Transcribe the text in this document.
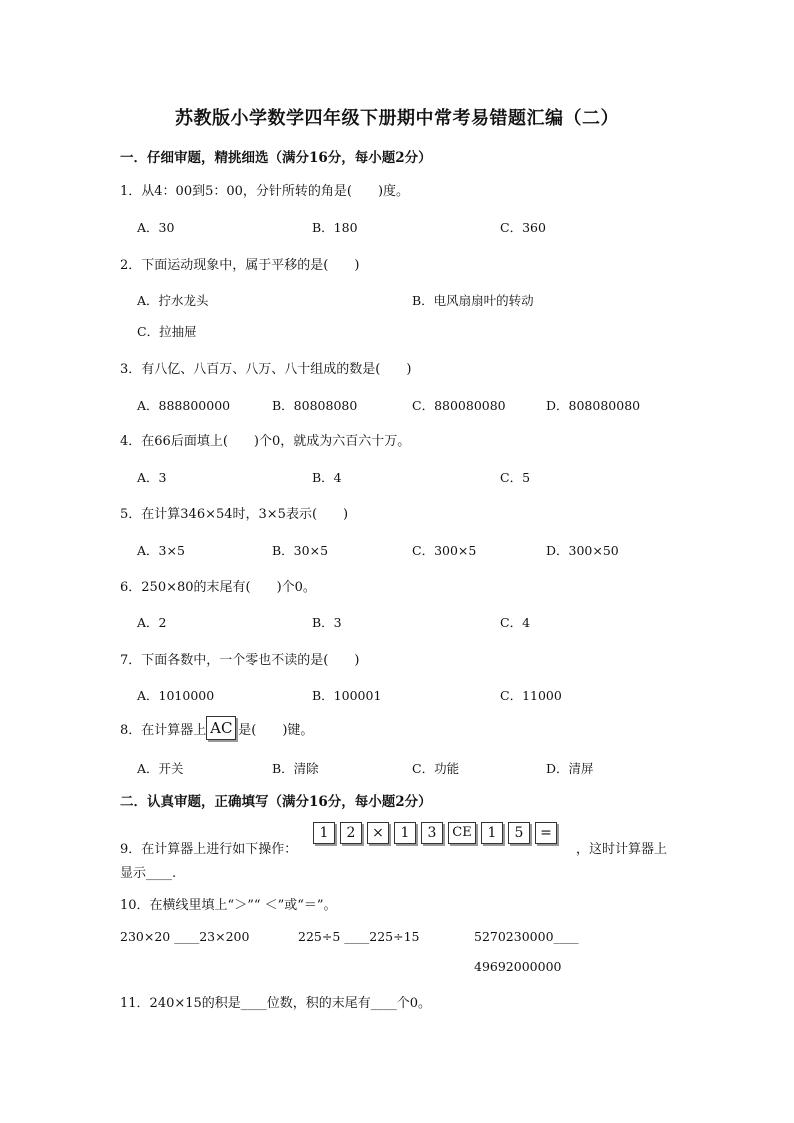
苏教版小学数学四年级下册期中常考易错题汇编（二）
一．仔细审题，精挑细选（满分16分，每小题2分）
1．从4：00到5：00，分针所转的角是(　　)度。
A．30	B．180	C．360
2．下面运动现象中，属于平移的是(　　)
A．拧水龙头	B．电风扇扇叶的转动
C．拉抽屉
3．有八亿、八百万、八万、八十组成的数是(　　)
A．888800000	B．80808080	C．880080080	D．808080080
4．在66后面填上(　　)个0，就成为六百六十万。
A．3	B．4	C．5
5．在计算346×54时，3×5表示(　　)
A．3×5	B．30×5	C．300×5	D．300×50
6．250×80的末尾有(　　)个0。
A．2	B．3	C．4
7．下面各数中，一个零也不读的是(　　)
A．1010000	B．100001	C．11000
8．在计算器上 AC 是(　　)键。
A．开关	B．清除	C．功能	D．清屏
二．认真审题，正确填写（满分16分，每小题2分）
9．在计算器上进行如下操作：
1	2	×	1	3	CE	1	5	=
，这时计算器上
显示____.
10．在横线里填上“＞”“ ＜”或“＝”。
230×20 ____23×200	225÷5 ____225÷15	5270230000____
49692000000
11．240×15的积是____位数，积的末尾有____个0。
